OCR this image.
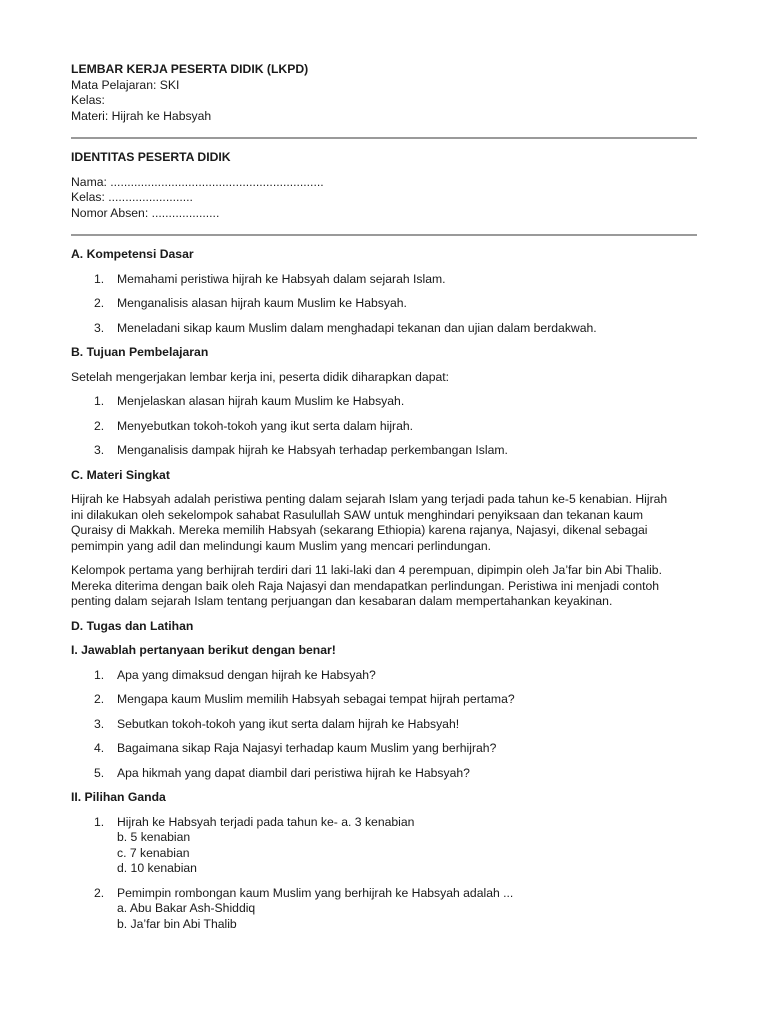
LEMBAR KERJA PESERTA DIDIK (LKPD)
Mata Pelajaran: SKI
Kelas:
Materi: Hijrah ke Habsyah
IDENTITAS PESERTA DIDIK
Nama: ...............................................................
Kelas: .........................
Nomor Absen: ....................
A. Kompetensi Dasar
1. Memahami peristiwa hijrah ke Habsyah dalam sejarah Islam.
2. Menganalisis alasan hijrah kaum Muslim ke Habsyah.
3. Meneladani sikap kaum Muslim dalam menghadapi tekanan dan ujian dalam berdakwah.
B. Tujuan Pembelajaran
Setelah mengerjakan lembar kerja ini, peserta didik diharapkan dapat:
1. Menjelaskan alasan hijrah kaum Muslim ke Habsyah.
2. Menyebutkan tokoh-tokoh yang ikut serta dalam hijrah.
3. Menganalisis dampak hijrah ke Habsyah terhadap perkembangan Islam.
C. Materi Singkat
Hijrah ke Habsyah adalah peristiwa penting dalam sejarah Islam yang terjadi pada tahun ke-5 kenabian. Hijrah
ini dilakukan oleh sekelompok sahabat Rasulullah SAW untuk menghindari penyiksaan dan tekanan kaum
Quraisy di Makkah. Mereka memilih Habsyah (sekarang Ethiopia) karena rajanya, Najasyi, dikenal sebagai
pemimpin yang adil dan melindungi kaum Muslim yang mencari perlindungan.
Kelompok pertama yang berhijrah terdiri dari 11 laki-laki dan 4 perempuan, dipimpin oleh Ja’far bin Abi Thalib.
Mereka diterima dengan baik oleh Raja Najasyi dan mendapatkan perlindungan. Peristiwa ini menjadi contoh
penting dalam sejarah Islam tentang perjuangan dan kesabaran dalam mempertahankan keyakinan.
D. Tugas dan Latihan
I. Jawablah pertanyaan berikut dengan benar!
1. Apa yang dimaksud dengan hijrah ke Habsyah?
2. Mengapa kaum Muslim memilih Habsyah sebagai tempat hijrah pertama?
3. Sebutkan tokoh-tokoh yang ikut serta dalam hijrah ke Habsyah!
4. Bagaimana sikap Raja Najasyi terhadap kaum Muslim yang berhijrah?
5. Apa hikmah yang dapat diambil dari peristiwa hijrah ke Habsyah?
II. Pilihan Ganda
1. Hijrah ke Habsyah terjadi pada tahun ke- a. 3 kenabian
b. 5 kenabian
c. 7 kenabian
d. 10 kenabian
2. Pemimpin rombongan kaum Muslim yang berhijrah ke Habsyah adalah ...
a. Abu Bakar Ash-Shiddiq
b. Ja’far bin Abi Thalib
